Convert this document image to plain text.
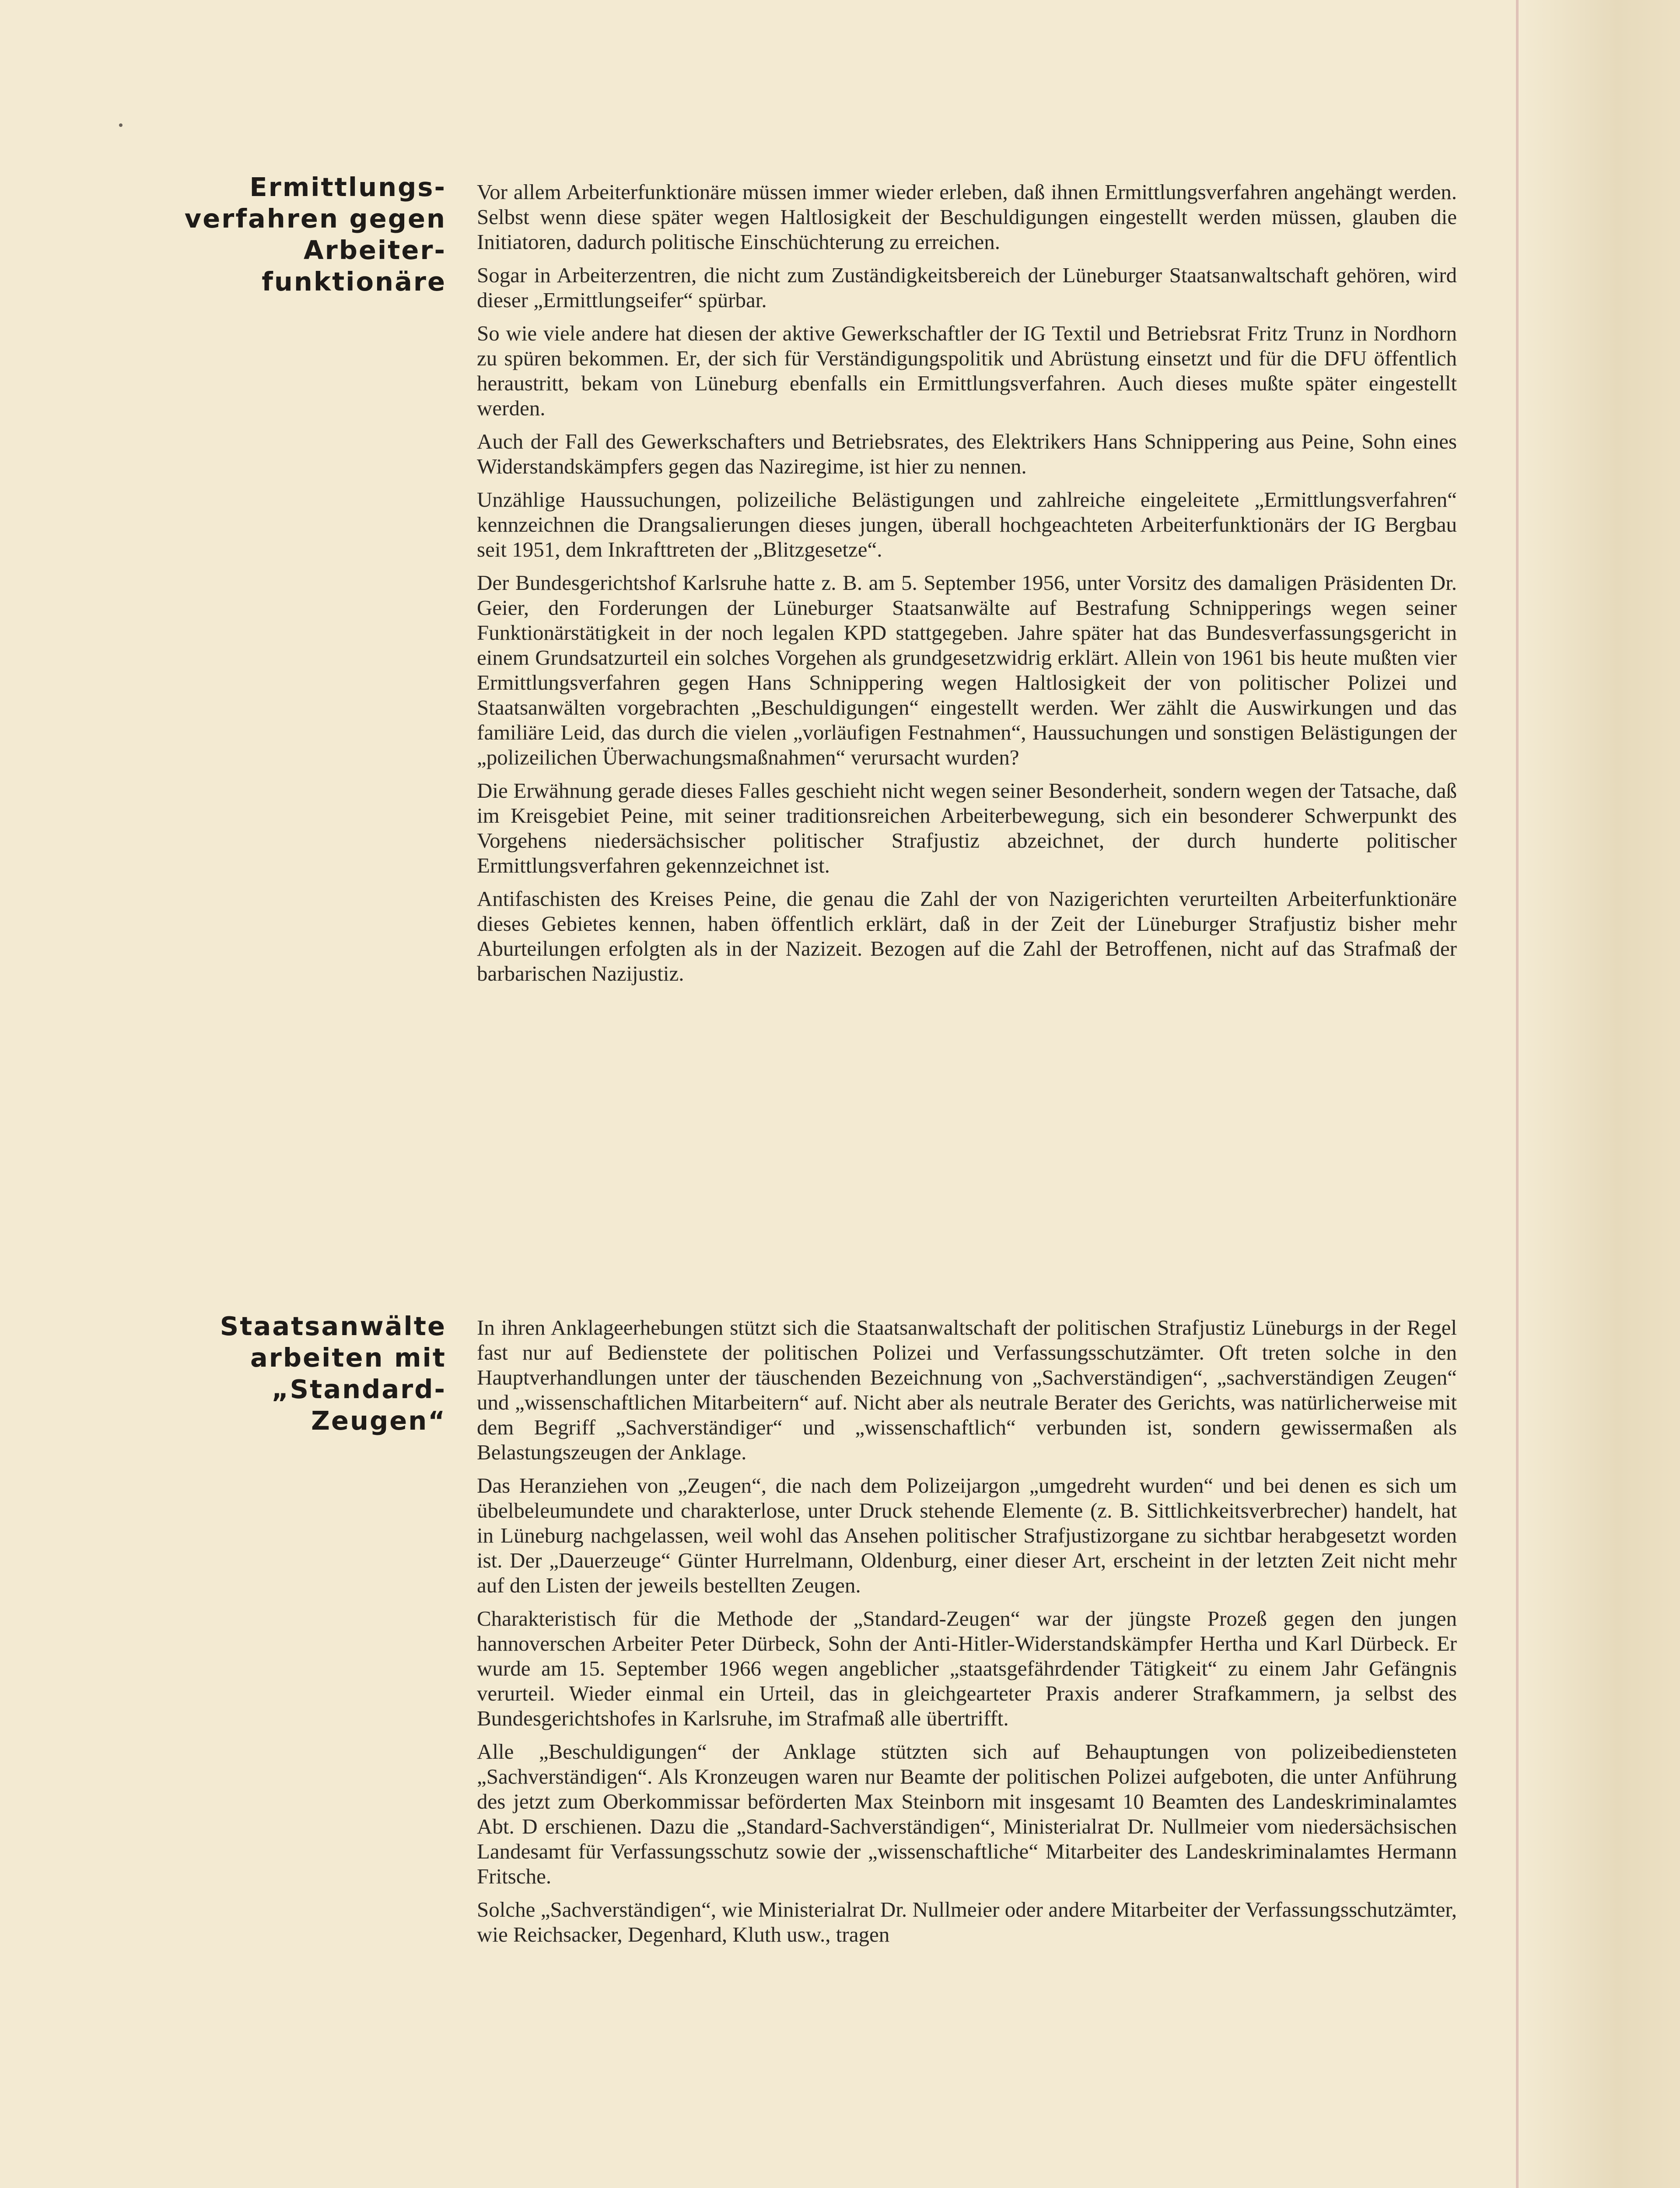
Ermittlungs-
verfahren gegen
Arbeiter-
funktionäre

Vor allem Arbeiterfunktionäre müssen immer wieder erleben, daß ihnen Ermittlungsverfahren angehängt werden. Selbst wenn diese später wegen Haltlosigkeit der Beschuldigungen eingestellt werden müssen, glauben die Initiatoren, dadurch politische Einschüchterung zu erreichen.

Sogar in Arbeiterzentren, die nicht zum Zuständigkeitsbereich der Lüneburger Staatsanwaltschaft gehören, wird dieser „Ermittlungseifer“ spürbar.

So wie viele andere hat diesen der aktive Gewerkschaftler der IG Textil und Betriebsrat Fritz Trunz in Nordhorn zu spüren bekommen. Er, der sich für Verständigungspolitik und Abrüstung einsetzt und für die DFU öffentlich heraustritt, bekam von Lüneburg ebenfalls ein Ermittlungsverfahren. Auch dieses mußte später eingestellt werden.

Auch der Fall des Gewerkschafters und Betriebsrates, des Elektrikers Hans Schnippering aus Peine, Sohn eines Widerstandskämpfers gegen das Naziregime, ist hier zu nennen.

Unzählige Haussuchungen, polizeiliche Belästigungen und zahlreiche eingeleitete „Ermittlungsverfahren“ kennzeichnen die Drangsalierungen dieses jungen, überall hochgeachteten Arbeiterfunktionärs der IG Bergbau seit 1951, dem Inkrafttreten der „Blitzgesetze“.

Der Bundesgerichtshof Karlsruhe hatte z. B. am 5. September 1956, unter Vorsitz des damaligen Präsidenten Dr. Geier, den Forderungen der Lüneburger Staatsanwälte auf Bestrafung Schnipperings wegen seiner Funktionärstätigkeit in der noch legalen KPD stattgegeben. Jahre später hat das Bundesverfassungsgericht in einem Grundsatzurteil ein solches Vorgehen als grundgesetzwidrig erklärt. Allein von 1961 bis heute mußten vier Ermittlungsverfahren gegen Hans Schnippering wegen Haltlosigkeit der von politischer Polizei und Staatsanwälten vorgebrachten „Beschuldigungen“ eingestellt werden. Wer zählt die Auswirkungen und das familiäre Leid, das durch die vielen „vorläufigen Festnahmen“, Haussuchungen und sonstigen Belästigungen der „polizeilichen Überwachungsmaßnahmen“ verursacht wurden?

Die Erwähnung gerade dieses Falles geschieht nicht wegen seiner Besonderheit, sondern wegen der Tatsache, daß im Kreisgebiet Peine, mit seiner traditionsreichen Arbeiterbewegung, sich ein besonderer Schwerpunkt des Vorgehens niedersächsischer politischer Strafjustiz abzeichnet, der durch hunderte politischer Ermittlungsverfahren gekennzeichnet ist.

Antifaschisten des Kreises Peine, die genau die Zahl der von Nazigerichten verurteilten Arbeiterfunktionäre dieses Gebietes kennen, haben öffentlich erklärt, daß in der Zeit der Lüneburger Strafjustiz bisher mehr Aburteilungen erfolgten als in der Nazizeit. Bezogen auf die Zahl der Betroffenen, nicht auf das Strafmaß der barbarischen Nazijustiz.

Staatsanwälte
arbeiten mit
„Standard-
Zeugen“

In ihren Anklageerhebungen stützt sich die Staatsanwaltschaft der politischen Strafjustiz Lüneburgs in der Regel fast nur auf Bedienstete der politischen Polizei und Verfassungsschutzämter. Oft treten solche in den Hauptverhandlungen unter der täuschenden Bezeichnung von „Sachverständigen“, „sachverständigen Zeugen“ und „wissenschaftlichen Mitarbeitern“ auf. Nicht aber als neutrale Berater des Gerichts, was natürlicherweise mit dem Begriff „Sachverständiger“ und „wissenschaftlich“ verbunden ist, sondern gewissermaßen als Belastungszeugen der Anklage.

Das Heranziehen von „Zeugen“, die nach dem Polizeijargon „umgedreht wurden“ und bei denen es sich um übelbeleumundete und charakterlose, unter Druck stehende Elemente (z. B. Sittlichkeitsverbrecher) handelt, hat in Lüneburg nachgelassen, weil wohl das Ansehen politischer Strafjustizorgane zu sichtbar herabgesetzt worden ist. Der „Dauerzeuge“ Günter Hurrelmann, Oldenburg, einer dieser Art, erscheint in der letzten Zeit nicht mehr auf den Listen der jeweils bestellten Zeugen.

Charakteristisch für die Methode der „Standard-Zeugen“ war der jüngste Prozeß gegen den jungen hannoverschen Arbeiter Peter Dürbeck, Sohn der Anti-Hitler-Widerstandskämpfer Hertha und Karl Dürbeck. Er wurde am 15. September 1966 wegen angeblicher „staatsgefährdender Tätigkeit“ zu einem Jahr Gefängnis verurteil. Wieder einmal ein Urteil, das in gleichgearteter Praxis anderer Strafkammern, ja selbst des Bundesgerichtshofes in Karlsruhe, im Strafmaß alle übertrifft.

Alle „Beschuldigungen“ der Anklage stützten sich auf Behauptungen von polizeibediensteten „Sachverständigen“. Als Kronzeugen waren nur Beamte der politischen Polizei aufgeboten, die unter Anführung des jetzt zum Oberkommissar beförderten Max Steinborn mit insgesamt 10 Beamten des Landeskriminalamtes Abt. D erschienen. Dazu die „Standard-Sachverständigen“, Ministerialrat Dr. Nullmeier vom niedersächsischen Landesamt für Verfassungsschutz sowie der „wissenschaftliche“ Mitarbeiter des Landeskriminalamtes Hermann Fritsche.

Solche „Sachverständigen“, wie Ministerialrat Dr. Nullmeier oder andere Mitarbeiter der Verfassungsschutzämter, wie Reichsacker, Degenhard, Kluth usw., tragen
